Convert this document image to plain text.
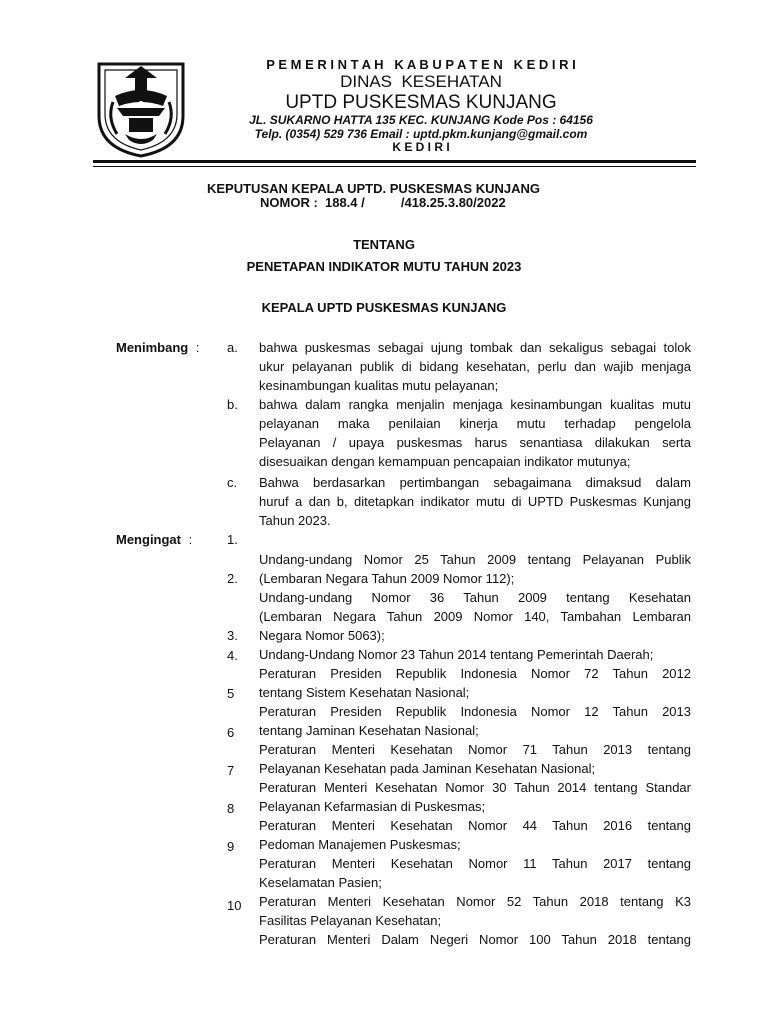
P E M E R I N T A H   K A B U P A T E N   K E D I R I
DINAS  KESEHATAN
UPTD PUSKESMAS KUNJANG
JL. SUKARNO HATTA 135 KEC. KUNJANG Kode Pos : 64156
Telp. (0354) 529 736 Email : uptd.pkm.kunjang@gmail.com
K E D I R I
KEPUTUSAN KEPALA UPTD. PUSKESMAS KUNJANG
NOMOR :  188.4 /          /418.25.3.80/2022
TENTANG
PENETAPAN INDIKATOR MUTU TAHUN 2023
KEPALA UPTD PUSKESMAS KUNJANG
Menimbang : a. bahwa puskesmas sebagai ujung tombak dan sekaligus sebagai tolok
ukur pelayanan publik di bidang kesehatan, perlu dan wajib menjaga
kesinambungan kualitas mutu pelayanan;
b. bahwa dalam rangka menjalin menjaga kesinambungan kualitas mutu
pelayanan maka penilaian kinerja mutu terhadap pengelola
Pelayanan / upaya puskesmas harus senantiasa dilakukan serta
disesuaikan dengan kemampuan pencapaian indikator mutunya;
c. Bahwa berdasarkan pertimbangan sebagaimana dimaksud dalam
huruf a dan b, ditetapkan indikator mutu di UPTD Puskesmas Kunjang
Tahun 2023.
Mengingat :	1.
2.
3.
4.
5
6
7
8
9
10
Undang-undang Nomor 25 Tahun 2009 tentang Pelayanan Publik
(Lembaran Negara Tahun 2009 Nomor 112);
Undang-undang Nomor 36 Tahun 2009 tentang Kesehatan
(Lembaran Negara Tahun 2009 Nomor 140, Tambahan Lembaran
Negara Nomor 5063);
Undang-Undang Nomor 23 Tahun 2014 tentang Pemerintah Daerah;
Peraturan Presiden Republik Indonesia Nomor 72 Tahun 2012
tentang Sistem Kesehatan Nasional;
Peraturan Presiden Republik Indonesia Nomor 12 Tahun 2013
tentang Jaminan Kesehatan Nasional;
Peraturan Menteri Kesehatan Nomor 71 Tahun 2013 tentang
Pelayanan Kesehatan pada Jaminan Kesehatan Nasional;
Peraturan Menteri Kesehatan Nomor 30 Tahun 2014 tentang Standar
Pelayanan Kefarmasian di Puskesmas;
Peraturan Menteri Kesehatan Nomor 44 Tahun 2016 tentang
Pedoman Manajemen Puskesmas;
Peraturan Menteri Kesehatan Nomor 11 Tahun 2017 tentang
Keselamatan Pasien;
Peraturan Menteri Kesehatan Nomor 52 Tahun 2018 tentang K3
Fasilitas Pelayanan Kesehatan;
Peraturan Menteri Dalam Negeri Nomor 100 Tahun 2018 tentang
